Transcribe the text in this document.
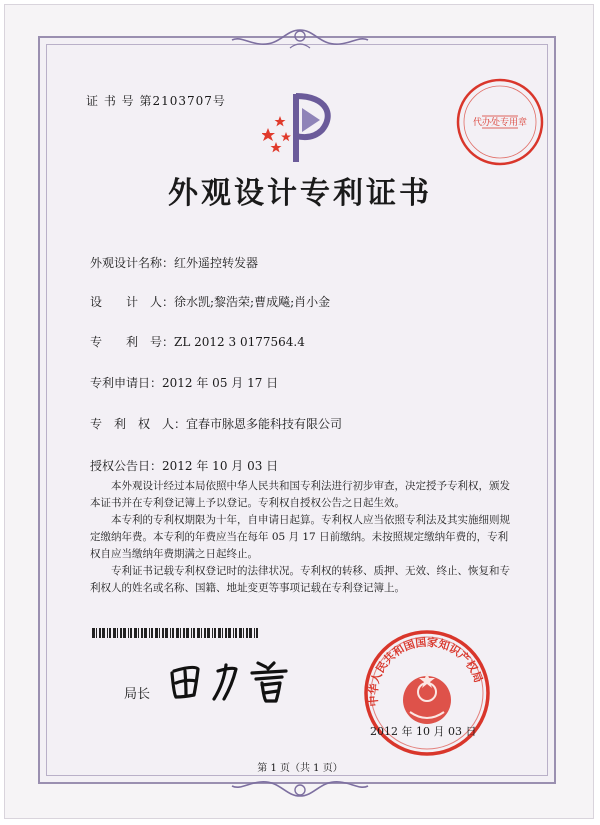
证 书 号 第2103707号
代办处专用章
外观设计专利证书
外观设计名称：红外遥控转发器
设　　计　人：徐水凯;黎浩荣;曹成飚;肖小金
专　　利　号：ZL 2012 3 0177564.4
专利申请日：2012 年 05 月 17 日
专　利　权　人：宜春市脉恩多能科技有限公司
授权公告日：2012 年 10 月 03 日

本外观设计经过本局依照中华人民共和国专利法进行初步审查，决定授予专利权，颁发本证书并在专利登记簿上予以登记。专利权自授权公告之日起生效。

本专利的专利权期限为十年，自申请日起算。专利权人应当依照专利法及其实施细则规定缴纳年费。本专利的年费应当在每年 05 月 17 日前缴纳。未按照规定缴纳年费的，专利权自应当缴纳年费期满之日起终止。

专利证书记载专利权登记时的法律状况。专利权的转移、质押、无效、终止、恢复和专利权人的姓名或名称、国籍、地址变更等事项记载在专利登记簿上。

局长	中华人民共和国国家知识产权局
2012 年 10 月 03 日
第 1 页（共 1 页）
